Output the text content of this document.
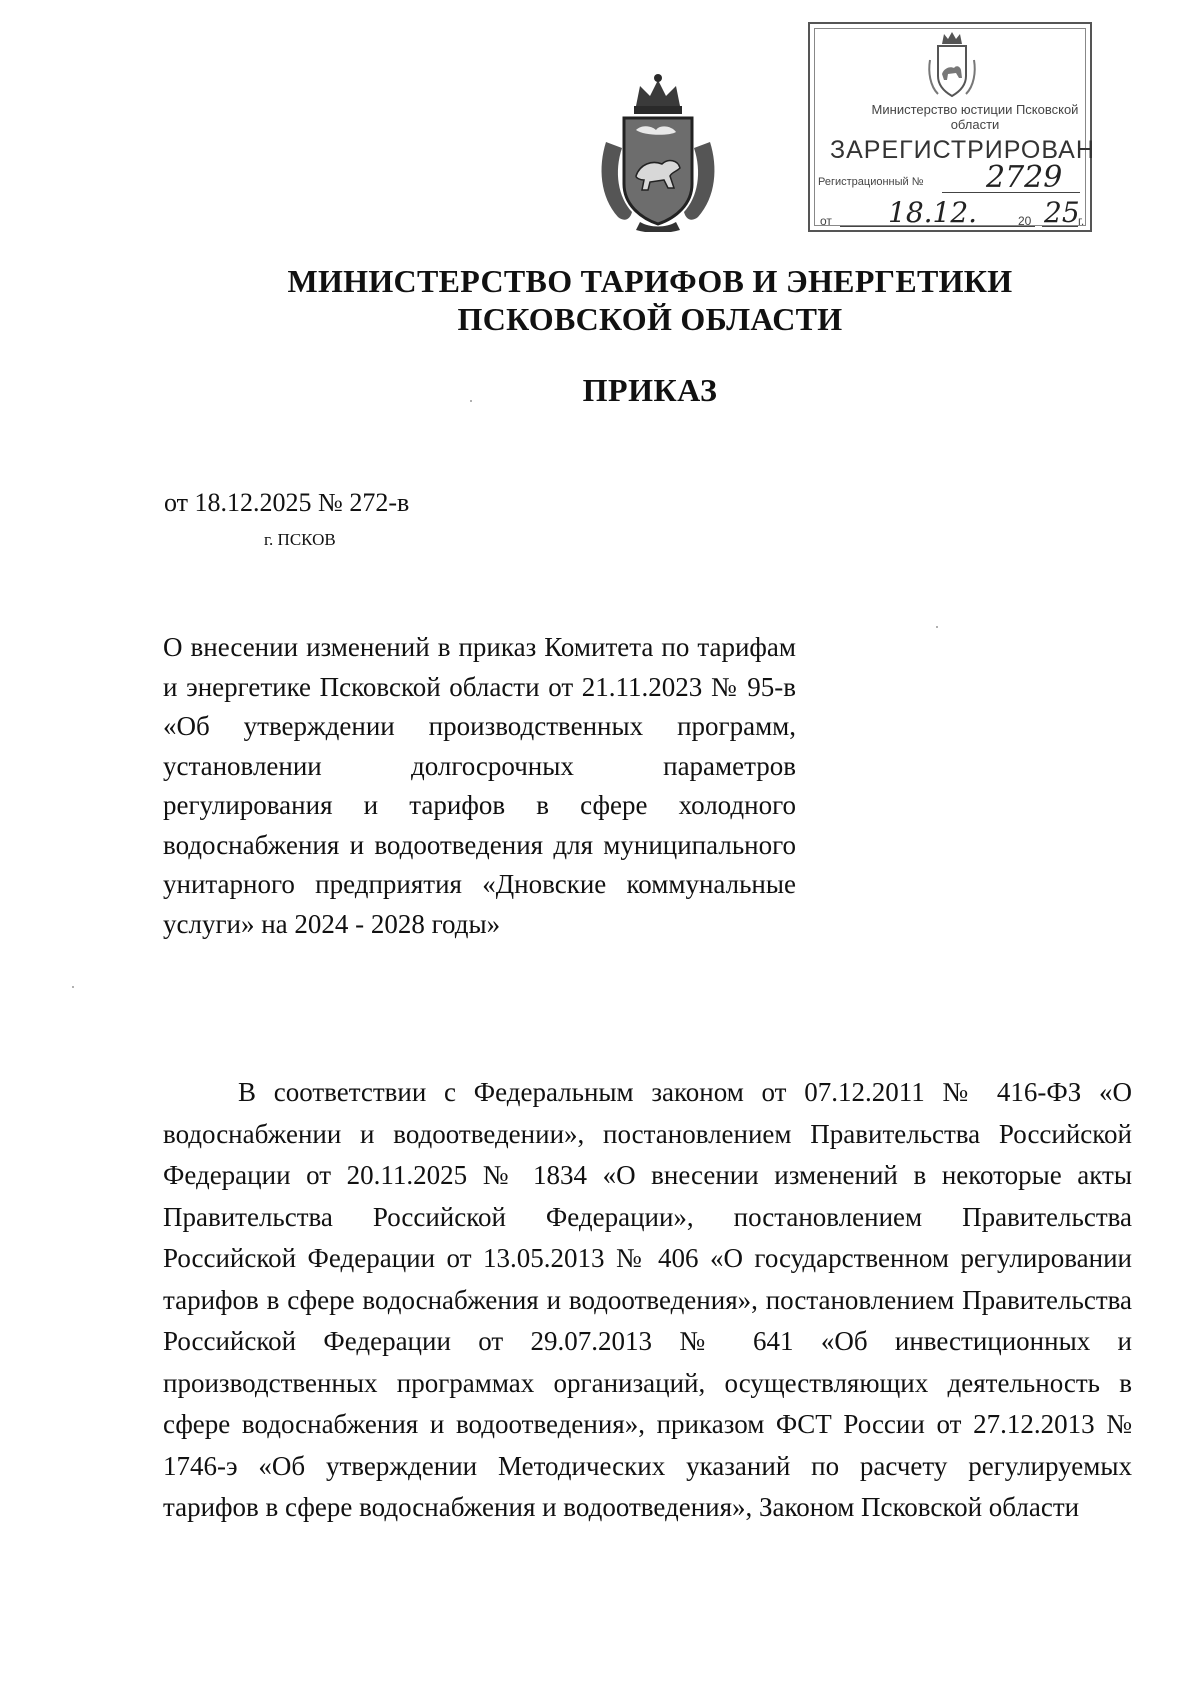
Министерство юстиции Псковской области
ЗАРЕГИСТРИРОВАН
Регистрационный № 2729
от 18.12.	20 25
г.
МИНИСТЕРСТВО ТАРИФОВ И ЭНЕРГЕТИКИ ПСКОВСКОЙ ОБЛАСТИ
ПРИКАЗ
от 18.12.2025 № 272-в
г. ПСКОВ
О внесении изменений в приказ Комитета по тарифам и энергетике Псковской области от 21.11.2023 № 95-в «Об утверждении производственных программ, установлении долгосрочных параметров регулирования и тарифов в сфере холодного водоснабжения и водоотведения для муниципального унитарного предприятия «Дновские коммунальные услуги» на 2024 - 2028 годы»
В соответствии с Федеральным законом от 07.12.2011 № 416-ФЗ «О водоснабжении и водоотведении», постановлением Правительства Российской Федерации от 20.11.2025 № 1834 «О внесении изменений в некоторые акты Правительства Российской Федерации», постановлением Правительства Российской Федерации от 13.05.2013 № 406 «О государственном регулировании тарифов в сфере водоснабжения и водоотведения», постановлением Правительства Российской Федерации от 29.07.2013 № 641 «Об инвестиционных и производственных программах организаций, осуществляющих деятельность в сфере водоснабжения и водоотведения», приказом ФСТ России от 27.12.2013 № 1746-э «Об утверждении Методических указаний по расчету регулируемых тарифов в сфере водоснабжения и водоотведения», Законом Псковской области
